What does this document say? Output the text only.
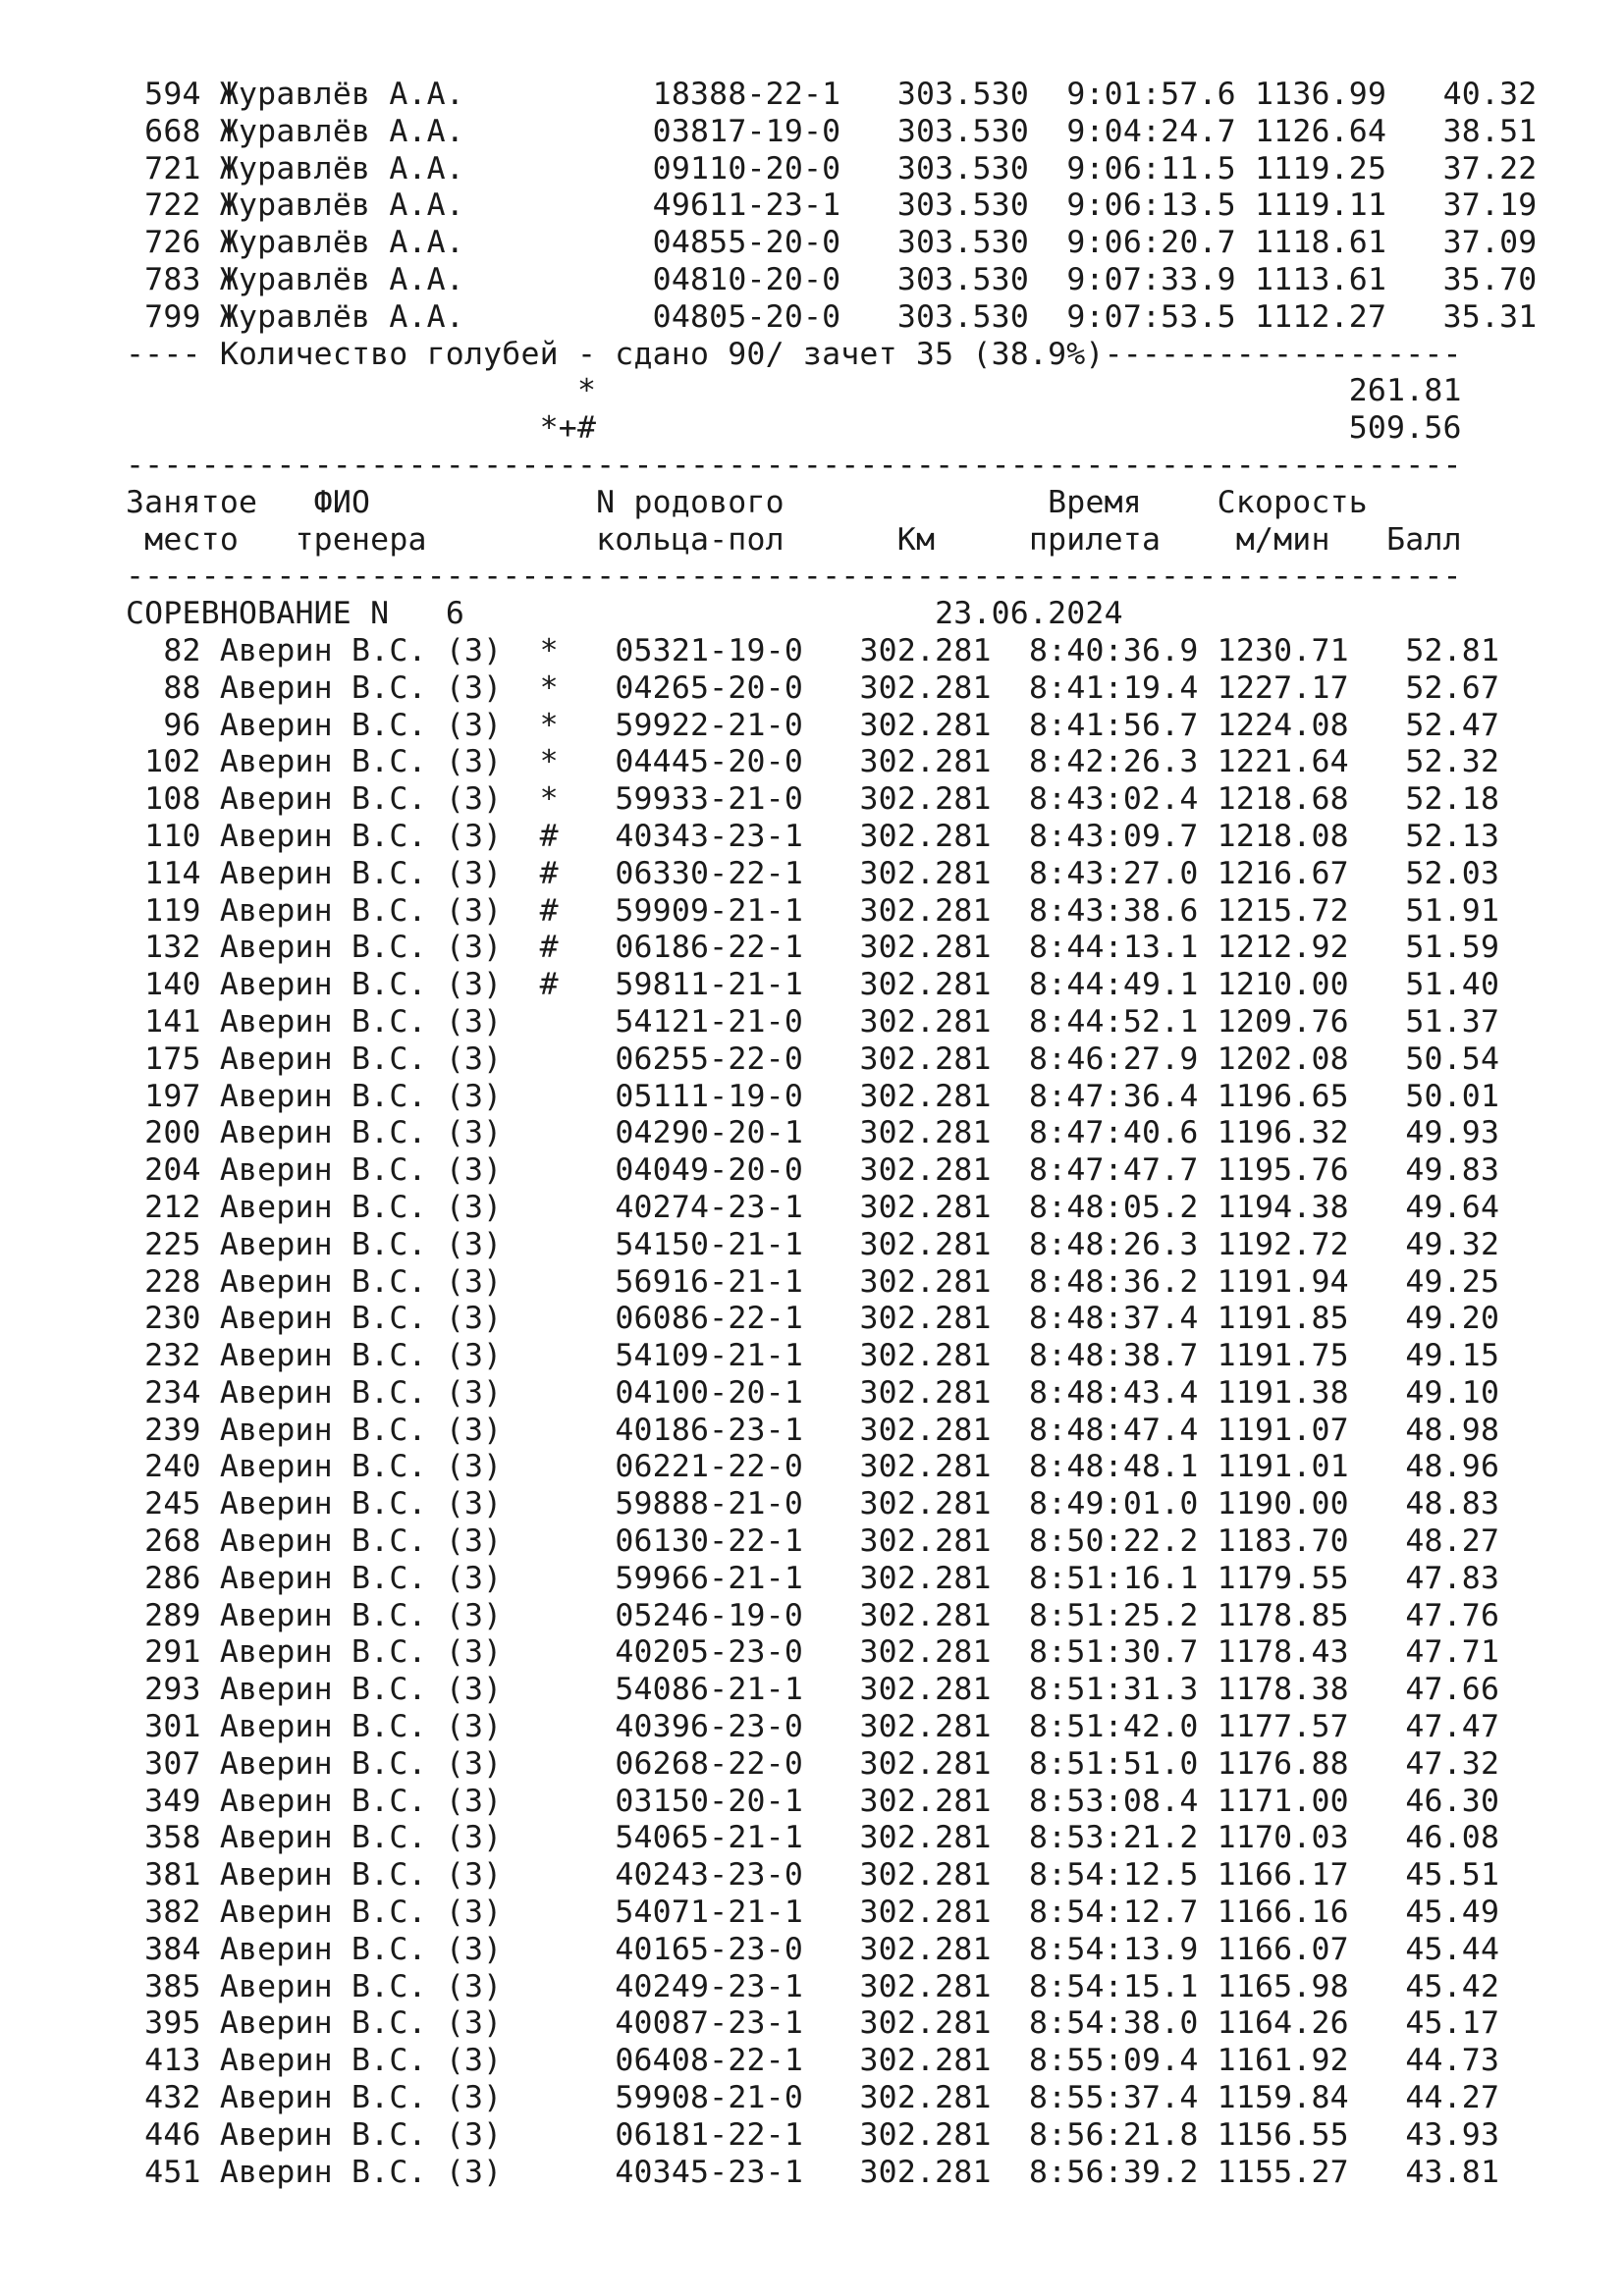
594 Журавлёв А.А.	18388-22-1 303.530 9:01:57.6 1136.99 40.32
668 Журавлёв А.А.	03817-19-0 303.530 9:04:24.7 1126.64 38.51
721 Журавлёв А.А.	09110-20-0 303.530 9:06:11.5 1119.25 37.22
722 Журавлёв А.А.	49611-23-1 303.530 9:06:13.5 1119.11 37.19
726 Журавлёв А.А.	04855-20-0 303.530 9:06:20.7 1118.61 37.09
783 Журавлёв А.А.	04810-20-0 303.530 9:07:33.9 1113.61 35.70
799 Журавлёв А.А.	04805-20-0 303.530 9:07:53.5 1112.27 35.31
---- Количество голубей - сдано 90/ зачет 35 (38.9%)-------------------
*	261.81
*+#	509.56
-----------------------------------------------------------------------
Занятое ФИО	N родового	Время Скорость
место тренера	кольца-пол	Км	прилета м/мин Балл
-----------------------------------------------------------------------
СОРЕВНОВАНИЕ N 6	23.06.2024
82 Аверин В.С. (З) * 05321-19-0 302.281 8:40:36.9 1230.71 52.81
88 Аверин В.С. (З) * 04265-20-0 302.281 8:41:19.4 1227.17 52.67
96 Аверин В.С. (З) * 59922-21-0 302.281 8:41:56.7 1224.08 52.47
102 Аверин В.С. (З) * 04445-20-0 302.281 8:42:26.3 1221.64 52.32
108 Аверин В.С. (З) * 59933-21-0 302.281 8:43:02.4 1218.68 52.18
110 Аверин В.С. (З) # 40343-23-1 302.281 8:43:09.7 1218.08 52.13
114 Аверин В.С. (З) # 06330-22-1 302.281 8:43:27.0 1216.67 52.03
119 Аверин В.С. (З) # 59909-21-1 302.281 8:43:38.6 1215.72 51.91
132 Аверин В.С. (З) # 06186-22-1 302.281 8:44:13.1 1212.92 51.59
140 Аверин В.С. (З) # 59811-21-1 302.281 8:44:49.1 1210.00 51.40
141 Аверин В.С. (З)	54121-21-0 302.281 8:44:52.1 1209.76 51.37
175 Аверин В.С. (З)	06255-22-0 302.281 8:46:27.9 1202.08 50.54
197 Аверин В.С. (З)	05111-19-0 302.281 8:47:36.4 1196.65 50.01
200 Аверин В.С. (З)	04290-20-1 302.281 8:47:40.6 1196.32 49.93
204 Аверин В.С. (З)	04049-20-0 302.281 8:47:47.7 1195.76 49.83
212 Аверин В.С. (З)	40274-23-1 302.281 8:48:05.2 1194.38 49.64
225 Аверин В.С. (З)	54150-21-1 302.281 8:48:26.3 1192.72 49.32
228 Аверин В.С. (З)	56916-21-1 302.281 8:48:36.2 1191.94 49.25
230 Аверин В.С. (З)	06086-22-1 302.281 8:48:37.4 1191.85 49.20
232 Аверин В.С. (З)	54109-21-1 302.281 8:48:38.7 1191.75 49.15
234 Аверин В.С. (З)	04100-20-1 302.281 8:48:43.4 1191.38 49.10
239 Аверин В.С. (З)	40186-23-1 302.281 8:48:47.4 1191.07 48.98
240 Аверин В.С. (З)	06221-22-0 302.281 8:48:48.1 1191.01 48.96
245 Аверин В.С. (З)	59888-21-0 302.281 8:49:01.0 1190.00 48.83
268 Аверин В.С. (З)	06130-22-1 302.281 8:50:22.2 1183.70 48.27
286 Аверин В.С. (З)	59966-21-1 302.281 8:51:16.1 1179.55 47.83
289 Аверин В.С. (З)	05246-19-0 302.281 8:51:25.2 1178.85 47.76
291 Аверин В.С. (З)	40205-23-0 302.281 8:51:30.7 1178.43 47.71
293 Аверин В.С. (З)	54086-21-1 302.281 8:51:31.3 1178.38 47.66
301 Аверин В.С. (З)	40396-23-0 302.281 8:51:42.0 1177.57 47.47
307 Аверин В.С. (З)	06268-22-0 302.281 8:51:51.0 1176.88 47.32
349 Аверин В.С. (З)	03150-20-1 302.281 8:53:08.4 1171.00 46.30
358 Аверин В.С. (З)	54065-21-1 302.281 8:53:21.2 1170.03 46.08
381 Аверин В.С. (З)	40243-23-0 302.281 8:54:12.5 1166.17 45.51
382 Аверин В.С. (З)	54071-21-1 302.281 8:54:12.7 1166.16 45.49
384 Аверин В.С. (З)	40165-23-0 302.281 8:54:13.9 1166.07 45.44
385 Аверин В.С. (З)	40249-23-1 302.281 8:54:15.1 1165.98 45.42
395 Аверин В.С. (З)	40087-23-1 302.281 8:54:38.0 1164.26 45.17
413 Аверин В.С. (З)	06408-22-1 302.281 8:55:09.4 1161.92 44.73
432 Аверин В.С. (З)	59908-21-0 302.281 8:55:37.4 1159.84 44.27
446 Аверин В.С. (З)	06181-22-1 302.281 8:56:21.8 1156.55 43.93
451 Аверин В.С. (З)	40345-23-1 302.281 8:56:39.2 1155.27 43.81
